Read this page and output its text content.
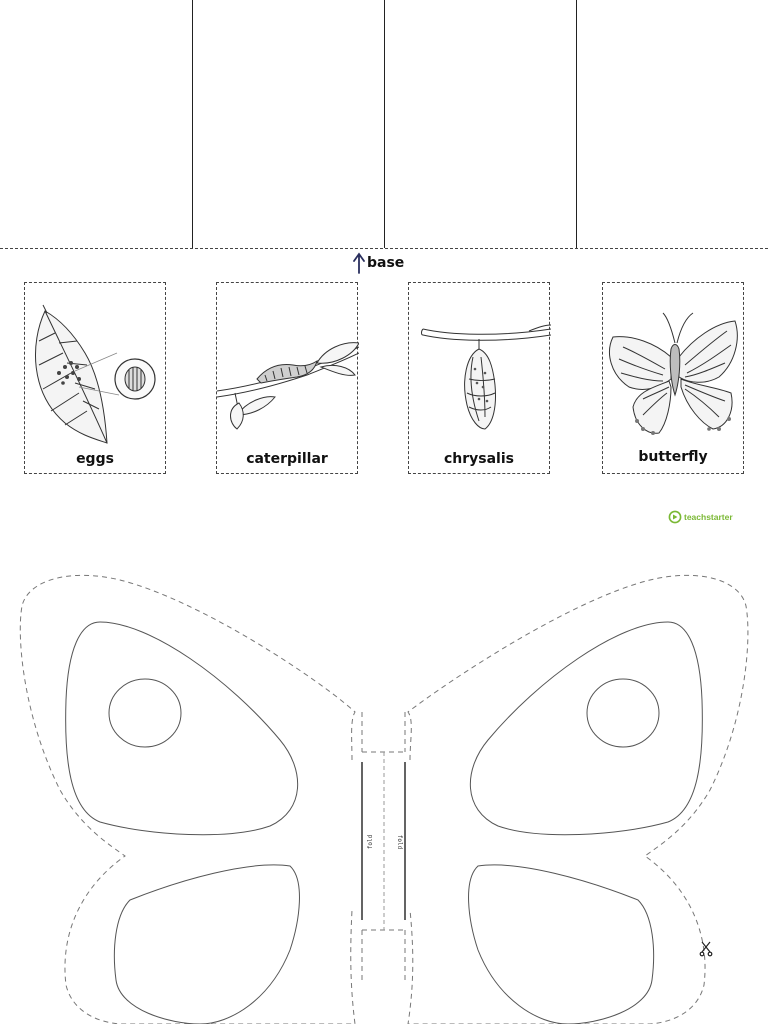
base
eggs	caterpillar	chrysalis	butterfly
teachstarter
fold	fold
